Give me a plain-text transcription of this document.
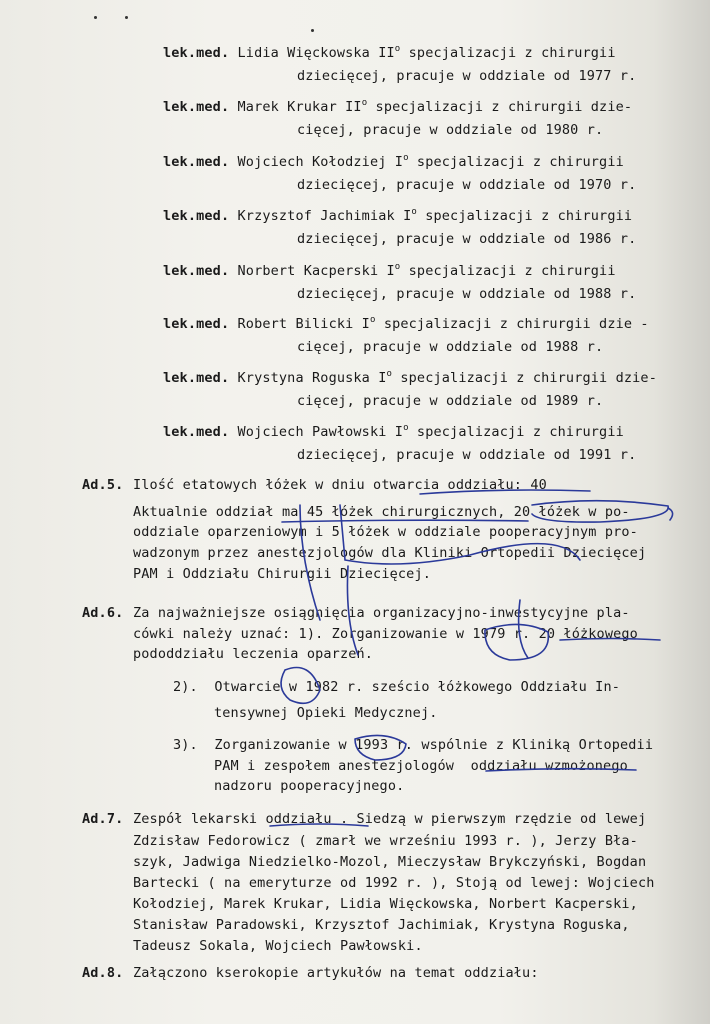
lek.med. Lidia Więckowska $II^o$ specjalizacji z chirurgii
dziecięcej, pracuje w oddziale od 1977 r.
lek.med. Marek Krukar $II^o$ specjalizacji z chirurgii dzie-
cięcej, pracuje w oddziale od 1980 r.
lek.med. Wojciech Kołodziej $I^o$ specjalizacji z chirurgii
dziecięcej, pracuje w oddziale od 1970 r.
lek.med. Krzysztof Jachimiak $I^o$ specjalizacji z chirurgii
dziecięcej, pracuje w oddziale od 1986 r.
lek.med. Norbert Kacperski $I^o$ specjalizacji z chirurgii
dziecięcej, pracuje w oddziale od 1988 r.
lek.med. Robert Bilicki $I^o$ specjalizacji z chirurgii dzie -
cięcej, pracuje w oddziale od 1988 r.
lek.med. Krystyna Roguska $I^o$ specjalizacji z chirurgii dzie-
cięcej, pracuje w oddziale od 1989 r.
lek.med. Wojciech Pawłowski $I^o$ specjalizacji z chirurgii
dziecięcej, pracuje w oddziale od 1991 r.
Ad.5. Ilość etatowych łóżek w dniu otwarcia oddziału: 40
Aktualnie oddział ma 45 łóżek chirurgicznych, 20 łóżek w po-
oddziale oparzeniowym i 5 łóżek w oddziale pooperacyjnym pro-
wadzonym przez anestezjologów dla Kliniki Ortopedii Dziecięcej
PAM i Oddziału Chirurgii Dziecięcej.
Ad.6. Za najważniejsze osiągnięcia organizacyjno-inwestycyjne pla-
cówki należy uznać: 1). Zorganizowanie w 1979 r. 20 łóżkowego
pododdziału leczenia oparzeń.
2).  Otwarcie w 1982 r. sześcio łóżkowego Oddziału In-
tensywnej Opieki Medycznej.
3).  Zorganizowanie w 1993 r. wspólnie z Kliniką Ortopedii
PAM i zespołem anestezjologów  oddziału wzmożonego
nadzoru pooperacyjnego.
Ad.7. Zespół lekarski oddziału . Siedzą w pierwszym rzędzie od lewej
Zdzisław Fedorowicz ( zmarł we wrześniu 1993 r. ), Jerzy Bła-
szyk, Jadwiga Niedzielko-Mozol, Mieczysław Brykczyński, Bogdan
Bartecki ( na emeryturze od 1992 r. ), Stoją od lewej: Wojciech
Kołodziej, Marek Krukar, Lidia Więckowska, Norbert Kacperski,
Stanisław Paradowski, Krzysztof Jachimiak, Krystyna Roguska,
Tadeusz Sokala, Wojciech Pawłowski.
Ad.8. Załączono kserokopie artykułów na temat oddziału:
